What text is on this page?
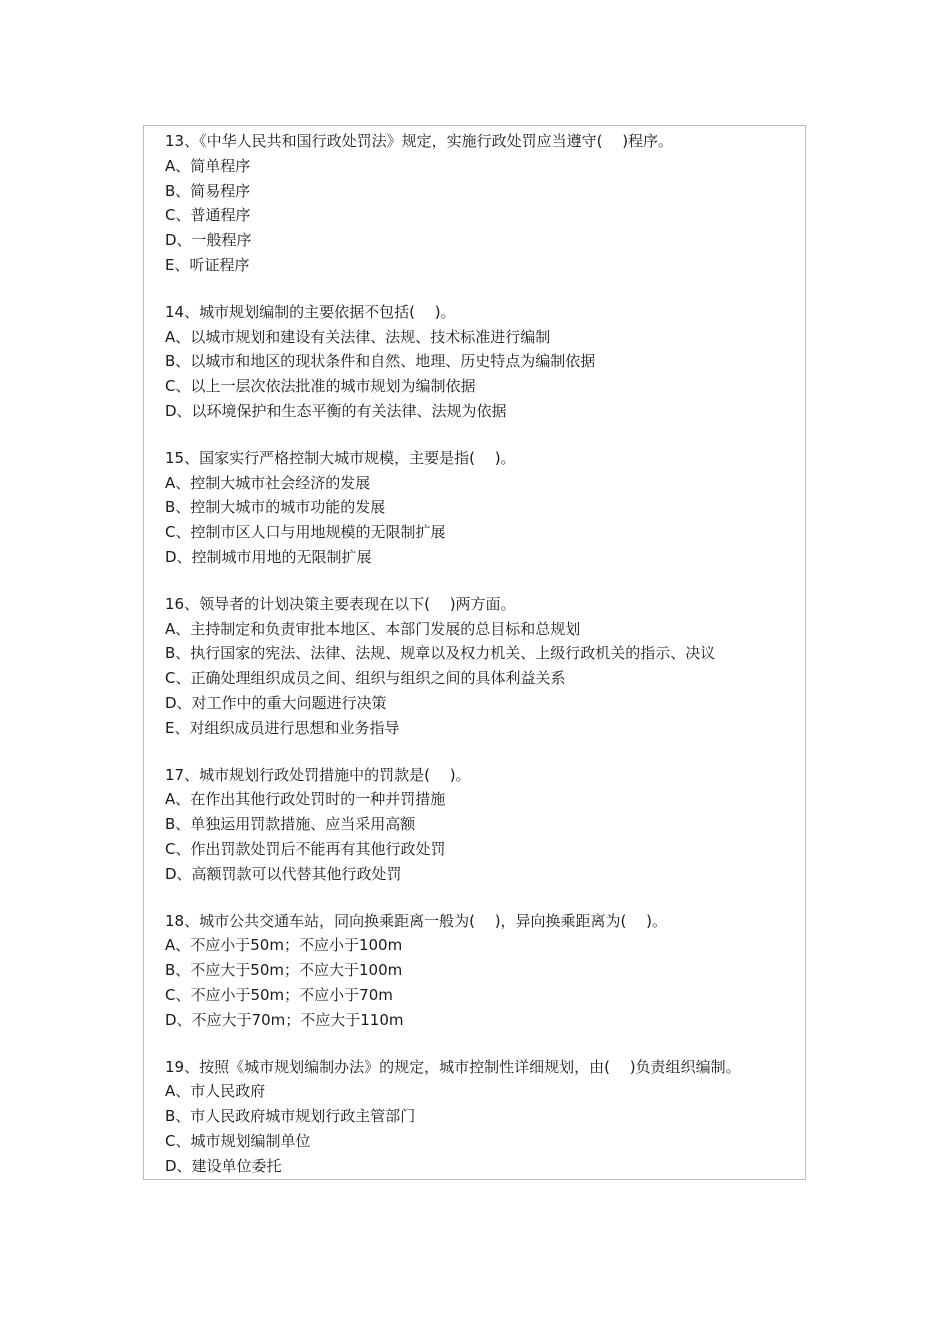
13、《中华人民共和国行政处罚法》规定，实施行政处罚应当遵守(　 )程序。

A、简单程序

B、简易程序

C、普通程序

D、一般程序

E、听证程序

14、城市规划编制的主要依据不包括(　 )。

A、以城市规划和建设有关法律、法规、技术标准进行编制

B、以城市和地区的现状条件和自然、地理、历史特点为编制依据

C、以上一层次依法批准的城市规划为编制依据

D、以环境保护和生态平衡的有关法律、法规为依据

15、国家实行严格控制大城市规模，主要是指(　 )。

A、控制大城市社会经济的发展

B、控制大城市的城市功能的发展

C、控制市区人口与用地规模的无限制扩展

D、控制城市用地的无限制扩展

16、领导者的计划决策主要表现在以下(　 )两方面。

A、主持制定和负责审批本地区、本部门发展的总目标和总规划

B、执行国家的宪法、法律、法规、规章以及权力机关、上级行政机关的指示、决议

C、正确处理组织成员之间、组织与组织之间的具体利益关系

D、对工作中的重大问题进行决策

E、对组织成员进行思想和业务指导

17、城市规划行政处罚措施中的罚款是(　 )。

A、在作出其他行政处罚时的一种并罚措施

B、单独运用罚款措施、应当采用高额

C、作出罚款处罚后不能再有其他行政处罚

D、高额罚款可以代替其他行政处罚

18、城市公共交通车站，同向换乘距离一般为(　 )，异向换乘距离为(　 )。

A、不应小于50m；不应小于100m

B、不应大于50m；不应大于100m

C、不应小于50m；不应小于70m

D、不应大于70m；不应大于110m

19、按照《城市规划编制办法》的规定，城市控制性详细规划，由(　 )负责组织编制。

A、市人民政府

B、市人民政府城市规划行政主管部门

C、城市规划编制单位

D、建设单位委托
